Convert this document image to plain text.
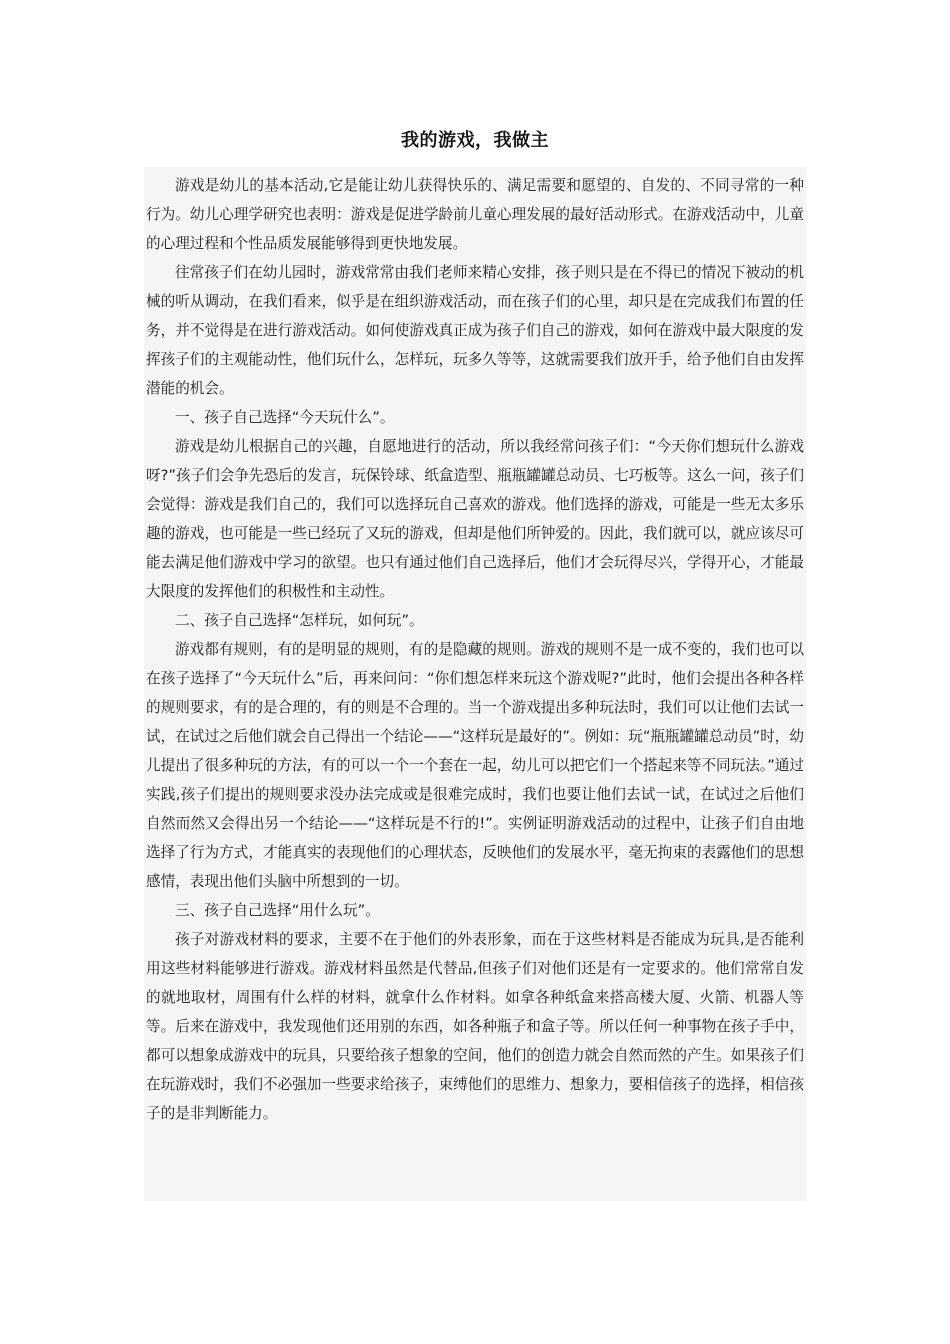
我的游戏，我做主

游戏是幼儿的基本活动,它是能让幼儿获得快乐的、满足需要和愿望的、自发的、不同寻常的一种行为。幼儿心理学研究也表明：游戏是促进学龄前儿童心理发展的最好活动形式。在游戏活动中，儿童的心理过程和个性品质发展能够得到更快地发展。

往常孩子们在幼儿园时，游戏常常由我们老师来精心安排，孩子则只是在不得已的情况下被动的机械的听从调动，在我们看来，似乎是在组织游戏活动，而在孩子们的心里，却只是在完成我们布置的任务，并不觉得是在进行游戏活动。如何使游戏真正成为孩子们自己的游戏，如何在游戏中最大限度的发挥孩子们的主观能动性，他们玩什么，怎样玩，玩多久等等，这就需要我们放开手，给予他们自由发挥潜能的机会。

一、孩子自己选择“今天玩什么”。

游戏是幼儿根据自己的兴趣，自愿地进行的活动，所以我经常问孩子们：“今天你们想玩什么游戏呀?”孩子们会争先恐后的发言，玩保铃球、纸盒造型、瓶瓶罐罐总动员、七巧板等。这么一问，孩子们会觉得：游戏是我们自己的，我们可以选择玩自己喜欢的游戏。他们选择的游戏，可能是一些无太多乐趣的游戏，也可能是一些已经玩了又玩的游戏，但却是他们所钟爱的。因此，我们就可以，就应该尽可能去满足他们游戏中学习的欲望。也只有通过他们自己选择后，他们才会玩得尽兴，学得开心，才能最大限度的发挥他们的积极性和主动性。

二、孩子自己选择“怎样玩，如何玩”。

游戏都有规则，有的是明显的规则，有的是隐藏的规则。游戏的规则不是一成不变的，我们也可以在孩子选择了“今天玩什么”后，再来问问：“你们想怎样来玩这个游戏呢?”此时，他们会提出各种各样的规则要求，有的是合理的，有的则是不合理的。当一个游戏提出多种玩法时，我们可以让他们去试一试，在试过之后他们就会自己得出一个结论——“这样玩是最好的”。例如：玩“瓶瓶罐罐总动员”时，幼儿提出了很多种玩的方法，有的可以一个一个套在一起，幼儿可以把它们一个搭起来等不同玩法。”通过实践,孩子们提出的规则要求没办法完成或是很难完成时，我们也要让他们去试一试，在试过之后他们自然而然又会得出另一个结论——“这样玩是不行的!”。实例证明游戏活动的过程中，让孩子们自由地选择了行为方式，才能真实的表现他们的心理状态，反映他们的发展水平，毫无拘束的表露他们的思想感情，表现出他们头脑中所想到的一切。

三、孩子自己选择“用什么玩”。

孩子对游戏材料的要求，主要不在于他们的外表形象，而在于这些材料是否能成为玩具,是否能利用这些材料能够进行游戏。游戏材料虽然是代替品,但孩子们对他们还是有一定要求的。他们常常自发的就地取材，周围有什么样的材料，就拿什么作材料。如拿各种纸盒来搭高楼大厦、火箭、机器人等等。后来在游戏中，我发现他们还用别的东西，如各种瓶子和盒子等。所以任何一种事物在孩子手中，都可以想象成游戏中的玩具，只要给孩子想象的空间，他们的创造力就会自然而然的产生。如果孩子们在玩游戏时，我们不必强加一些要求给孩子，束缚他们的思维力、想象力，要相信孩子的选择，相信孩子的是非判断能力。
